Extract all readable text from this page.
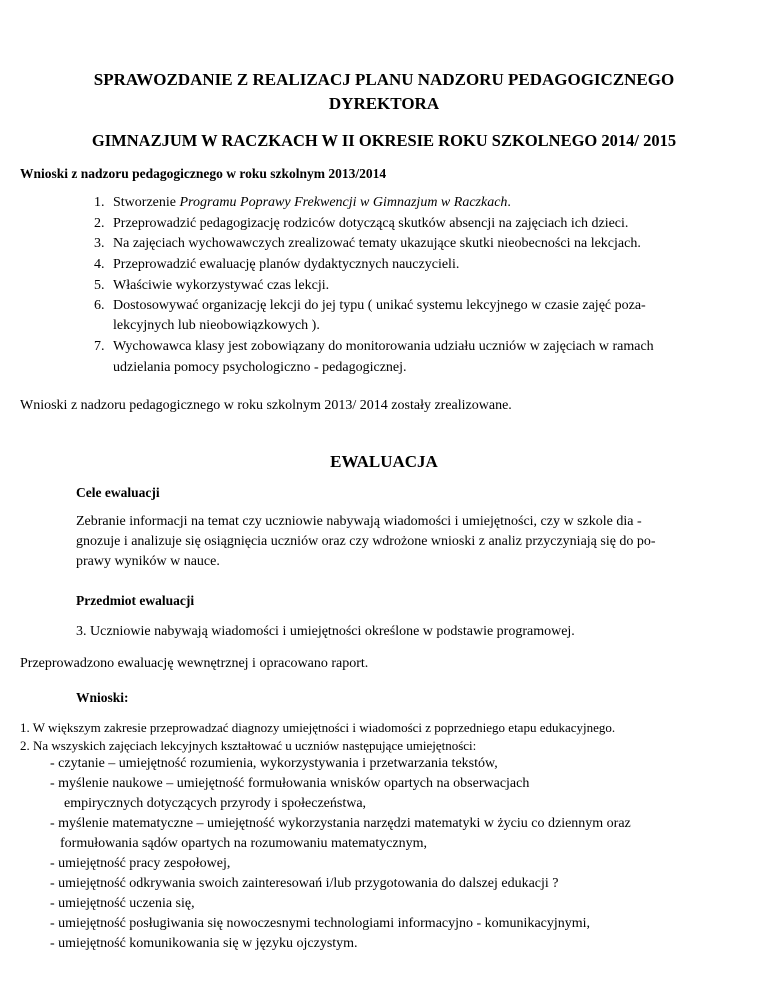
SPRAWOZDANIE Z REALIZACJ PLANU NADZORU PEDAGOGICZNEGO
DYREKTORA
GIMNAZJUM W RACZKACH W II OKRESIE ROKU SZKOLNEGO 2014/ 2015
Wnioski z nadzoru pedagogicznego w roku szkolnym 2013/2014
1. Stworzenie Programu Poprawy Frekwencji w Gimnazjum w Raczkach.
2. Przeprowadzić pedagogizację rodziców dotyczącą skutków absencji na zajęciach ich dzieci.
3. Na zajęciach wychowawczych zrealizować tematy ukazujące skutki nieobecności na lekcjach.
4. Przeprowadzić ewaluację planów dydaktycznych nauczycieli.
5. Właściwie wykorzystywać czas lekcji.
6. Dostosowywać organizację lekcji do jej typu ( unikać systemu lekcyjnego w czasie zajęć poza-
lekcyjnych lub nieobowiązkowych ).
7. Wychowawca klasy jest zobowiązany do monitorowania udziału uczniów w zajęciach w ramach
udzielania pomocy psychologiczno - pedagogicznej.
Wnioski z nadzoru pedagogicznego w roku szkolnym 2013/ 2014 zostały zrealizowane.
EWALUACJA
Cele ewaluacji
Zebranie informacji na temat czy uczniowie nabywają wiadomości i umiejętności, czy w szkole dia -
gnozuje i analizuje się osiągnięcia uczniów oraz czy wdrożone wnioski z analiz przyczyniają się do po-
prawy wyników w nauce.
Przedmiot ewaluacji
3. Uczniowie nabywają wiadomości i umiejętności określone w podstawie programowej.
Przeprowadzono ewaluację wewnętrznej i opracowano raport.
Wnioski:
1. W większym zakresie przeprowadzać diagnozy umiejętności i wiadomości z poprzedniego etapu edukacyjnego.
2. Na wszyskich zajęciach lekcyjnych kształtować u uczniów następujące umiejętności:
- czytanie – umiejętność rozumienia, wykorzystywania i przetwarzania tekstów,
- myślenie naukowe – umiejętność formułowania wnisków opartych na obserwacjach
empirycznych dotyczących przyrody i społeczeństwa,
- myślenie matematyczne – umiejętność wykorzystania narzędzi matematyki w życiu co dziennym oraz
formułowania sądów opartych na rozumowaniu matematycznym,
- umiejętność pracy zespołowej,
- umiejętność odkrywania swoich zainteresowań i/lub przygotowania do dalszej edukacji ?
- umiejętność uczenia się,
- umiejętność posługiwania się nowoczesnymi technologiami informacyjno - komunikacyjnymi,
- umiejętność komunikowania się w języku ojczystym.
